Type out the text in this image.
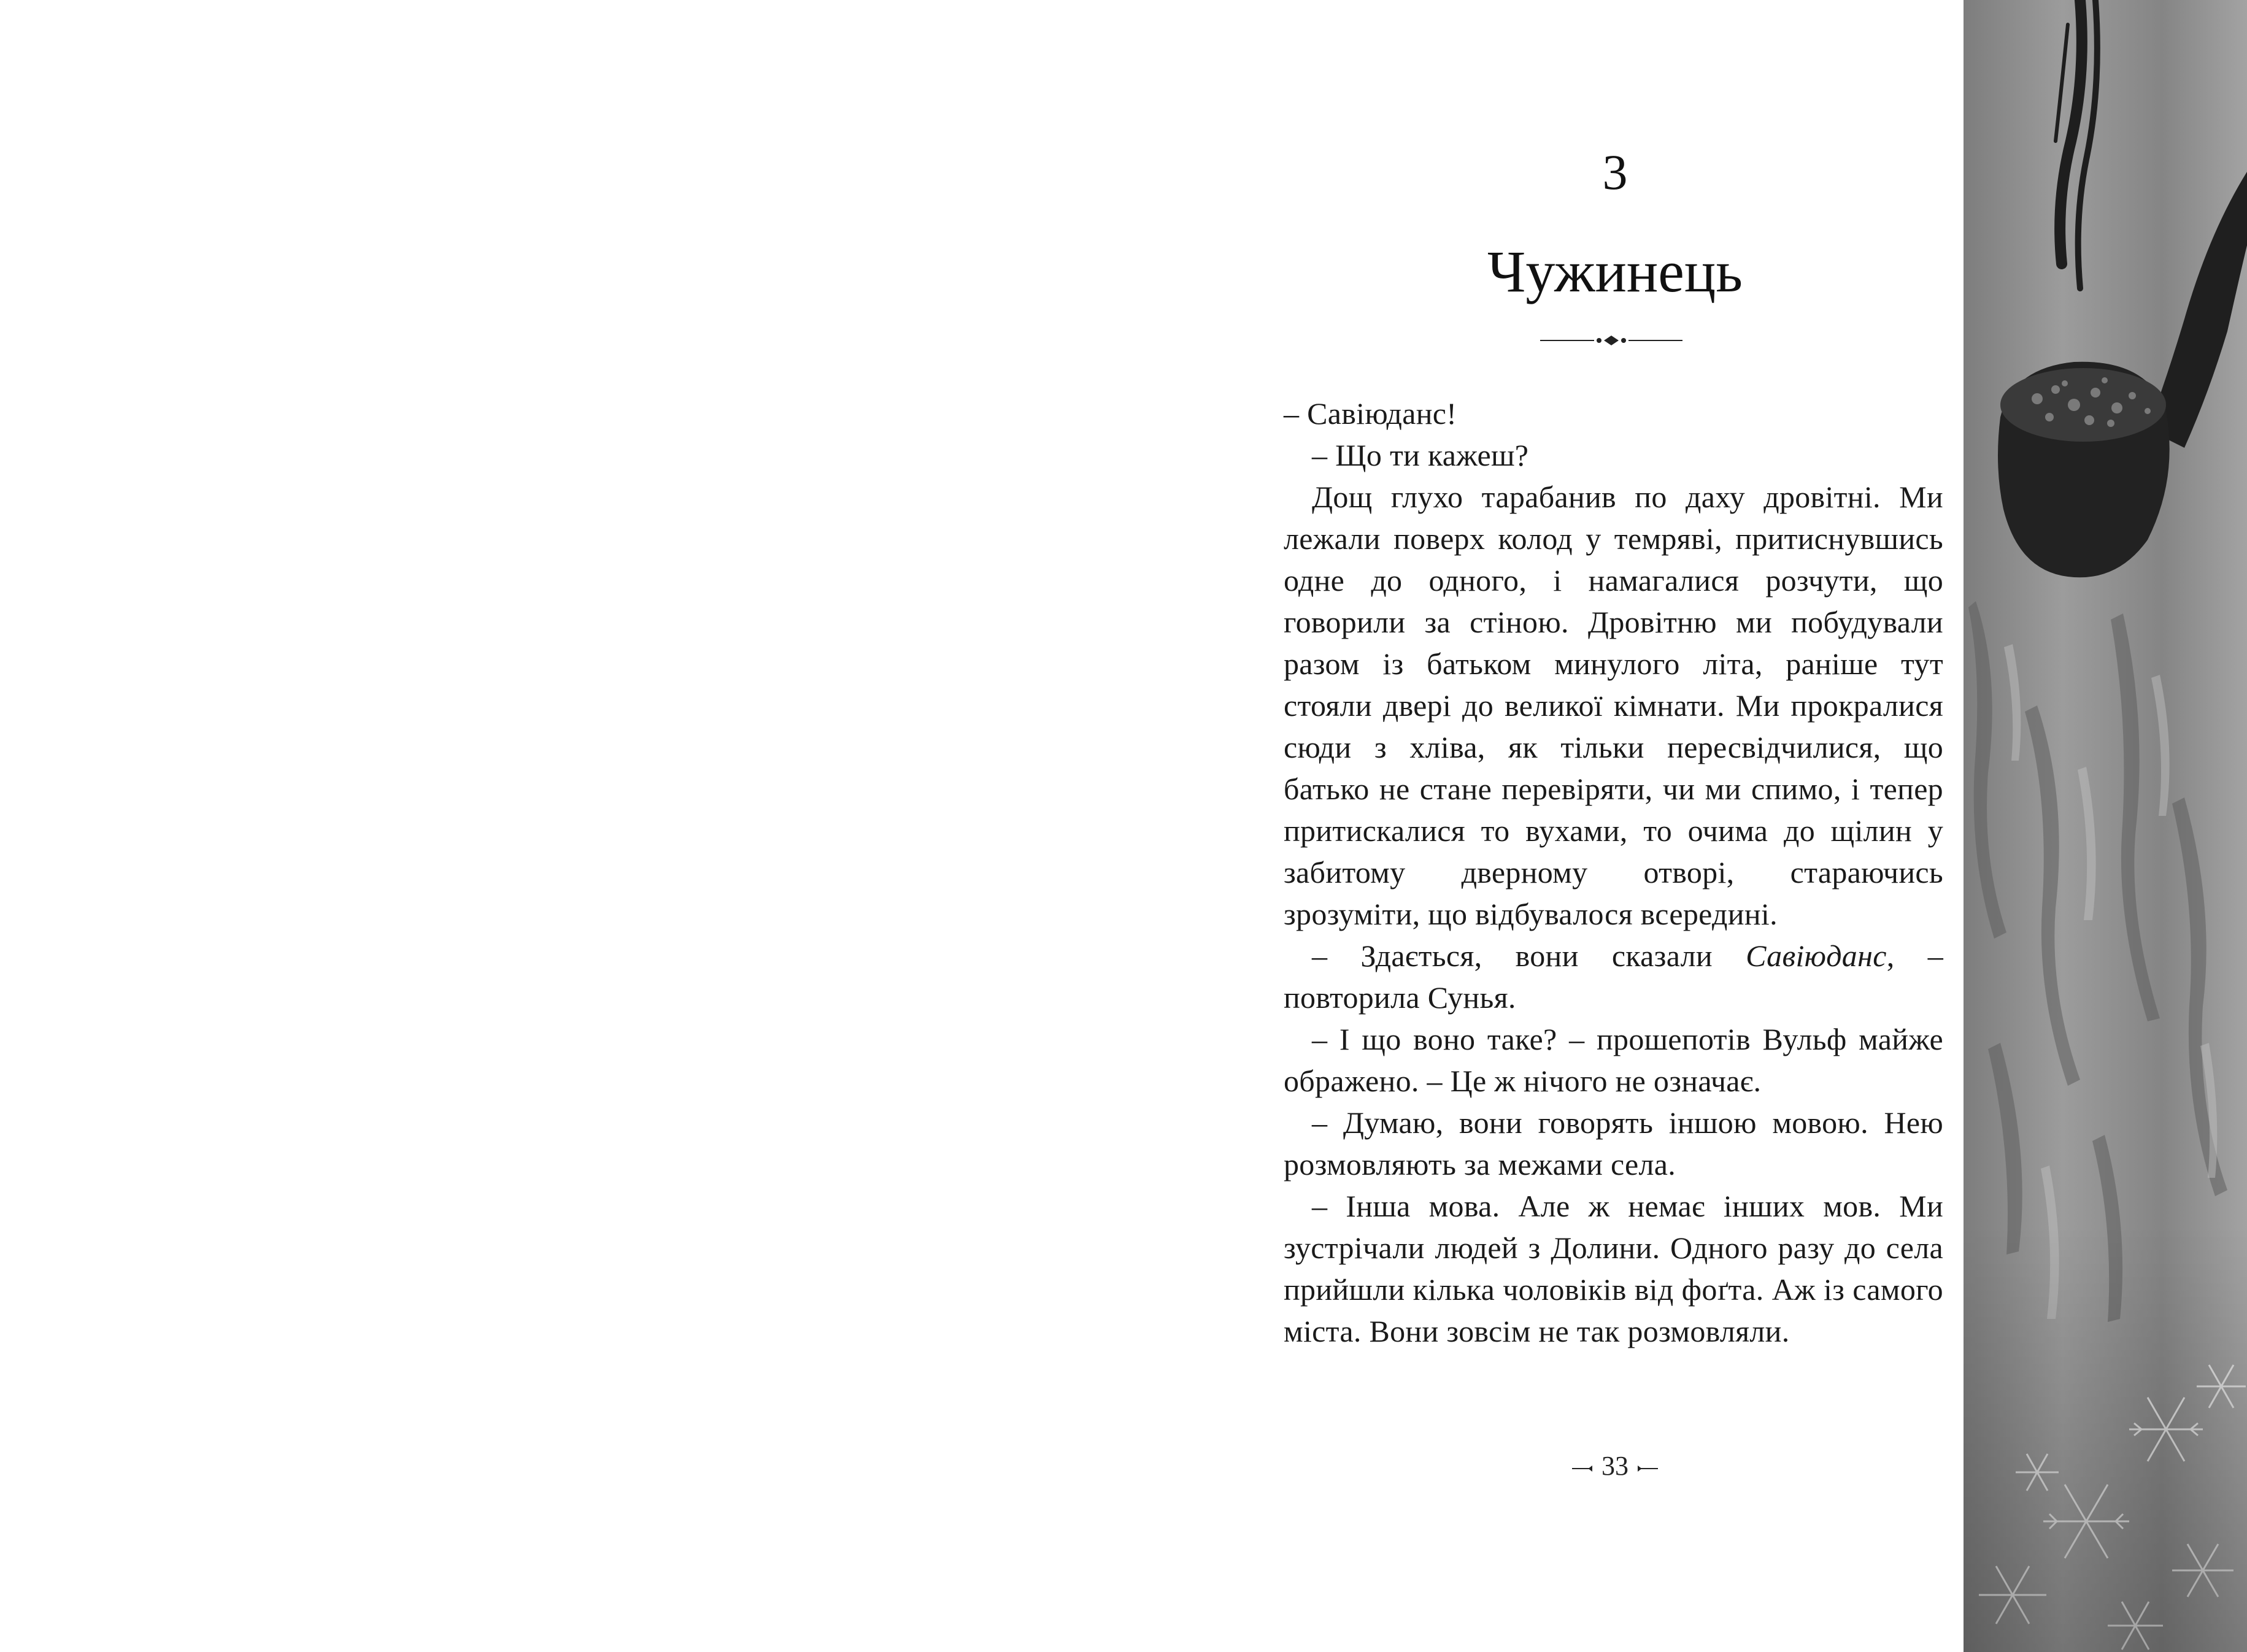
3
Чужинець

– Савіюданс!

– Що ти кажеш?

Дощ глухо тарабанив по даху дровітні. Ми лежали поверх колод у темряві, притиснувшись одне до одного, і намагалися розчути, що говорили за стіною. Дровітню ми побудували разом із батьком минулого літа, раніше тут стояли двері до великої кімнати. Ми прокралися сюди з хліва, як тільки пересвідчилися, що батько не стане перевіряти, чи ми спимо, і тепер притискалися то вухами, то очима до щілин у забитому дверному отворі, стараючись зрозуміти, що відбувалося всередині.

– Здається, вони сказали Савіюданс, – повторила Сунья.

– І що воно таке? – прошепотів Вульф майже ображено. – Це ж нічого не означає.

– Думаю, вони говорять іншою мовою. Нею розмовляють за межами села.

– Інша мова. Але ж немає інших мов. Ми зустрічали людей з Долини. Одного разу до села прийшли кілька чоловіків від фоґта. Аж із самого міста. Вони зовсім не так розмовляли.

33
